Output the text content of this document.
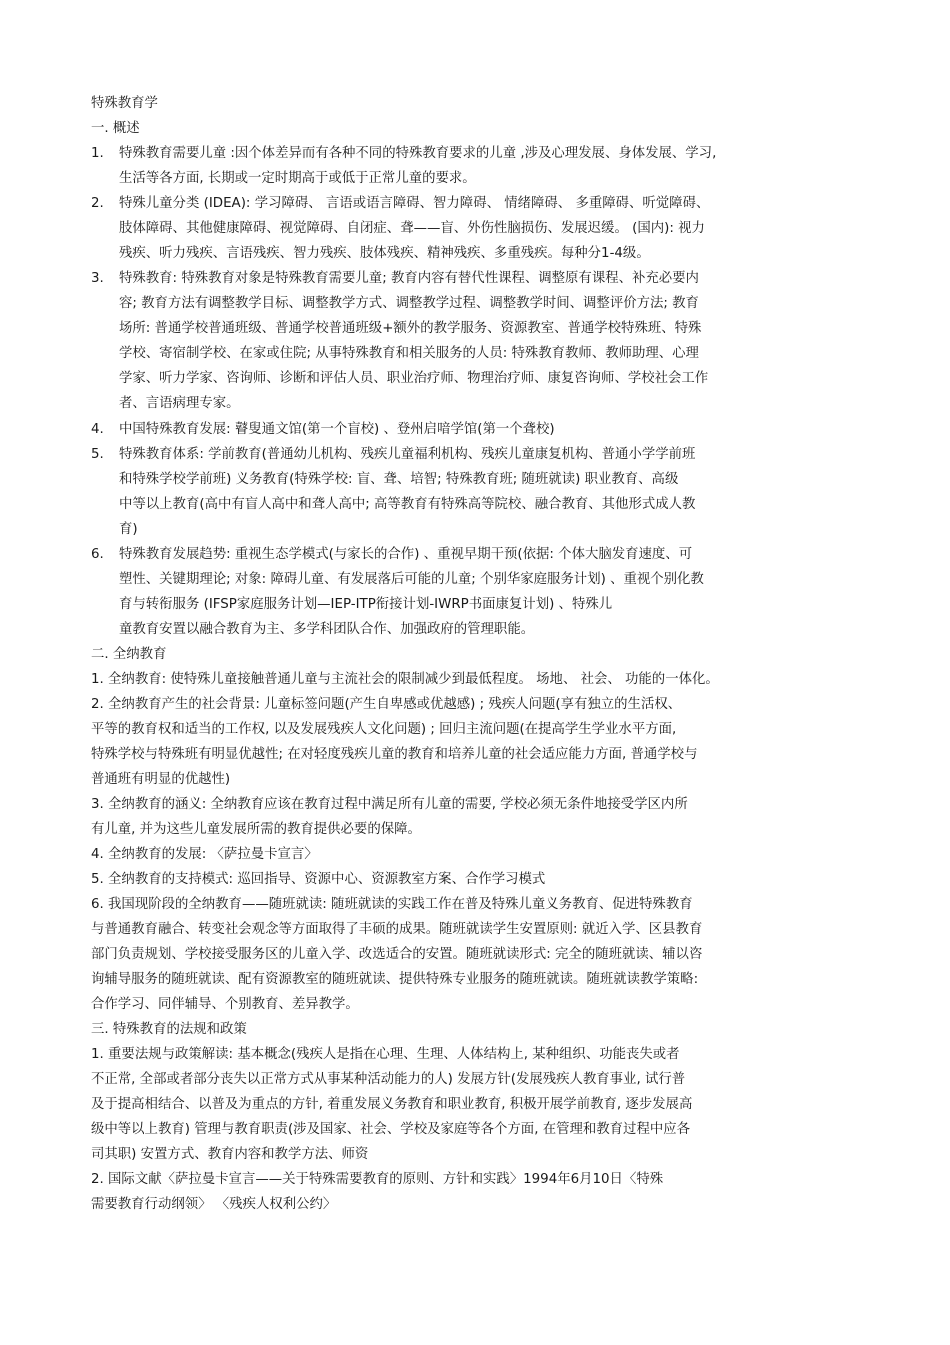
特殊教育学
一. 概述
1. 特殊教育需要儿童 :因个体差异而有各种不同的特殊教育要求的儿童 ,涉及心理发展、身体发展、学习,
生活等各方面, 长期或一定时期高于或低于正常儿童的要求。
2. 特殊儿童分类 (IDEA): 学习障碍、 言语或语言障碍、智力障碍、 情绪障碍、 多重障碍、听觉障碍、
肢体障碍、其他健康障碍、视觉障碍、自闭症、聋——盲、外伤性脑损伤、发展迟缓。 (国内): 视力
残疾、听力残疾、言语残疾、智力残疾、肢体残疾、精神残疾、多重残疾。每种分1-4级。
3. 特殊教育: 特殊教育对象是特殊教育需要儿童; 教育内容有替代性课程、调整原有课程、补充必要内
容; 教育方法有调整教学目标、调整教学方式、调整教学过程、调整教学时间、调整评价方法; 教育
场所: 普通学校普通班级、普通学校普通班级+额外的教学服务、资源教室、普通学校特殊班、特殊
学校、寄宿制学校、在家或住院; 从事特殊教育和相关服务的人员: 特殊教育教师、教师助理、心理
学家、听力学家、咨询师、诊断和评估人员、职业治疗师、物理治疗师、康复咨询师、学校社会工作
者、言语病理专家。
4. 中国特殊教育发展: 瞽叟通文馆(第一个盲校) 、登州启喑学馆(第一个聋校)
5. 特殊教育体系: 学前教育(普通幼儿机构、残疾儿童福利机构、残疾儿童康复机构、普通小学学前班
和特殊学校学前班) 义务教育(特殊学校: 盲、聋、培智; 特殊教育班; 随班就读) 职业教育、高级
中等以上教育(高中有盲人高中和聋人高中; 高等教育有特殊高等院校、融合教育、其他形式成人教
育)
6. 特殊教育发展趋势: 重视生态学模式(与家长的合作) 、重视早期干预(依据: 个体大脑发育速度、可
塑性、关键期理论; 对象: 障碍儿童、有发展落后可能的儿童; 个别华家庭服务计划) 、重视个别化教
育与转衔服务 (IFSP家庭服务计划—IEP-ITP衔接计划-IWRP书面康复计划) 、特殊儿
童教育安置以融合教育为主、多学科团队合作、加强政府的管理职能。
二. 全纳教育
1. 全纳教育: 使特殊儿童接触普通儿童与主流社会的限制减少到最低程度。 场地、 社会、 功能的一体化。
2. 全纳教育产生的社会背景: 儿童标签问题(产生自卑感或优越感) ; 残疾人问题(享有独立的生活权、
平等的教育权和适当的工作权, 以及发展残疾人文化问题) ; 回归主流问题(在提高学生学业水平方面,
特殊学校与特殊班有明显优越性; 在对轻度残疾儿童的教育和培养儿童的社会适应能力方面, 普通学校与
普通班有明显的优越性)
3. 全纳教育的涵义: 全纳教育应该在教育过程中满足所有儿童的需要, 学校必须无条件地接受学区内所
有儿童, 并为这些儿童发展所需的教育提供必要的保障。
4. 全纳教育的发展: 〈萨拉曼卡宣言〉
5. 全纳教育的支持模式: 巡回指导、资源中心、资源教室方案、合作学习模式
6. 我国现阶段的全纳教育——随班就读: 随班就读的实践工作在普及特殊儿童义务教育、促进特殊教育
与普通教育融合、转变社会观念等方面取得了丰硕的成果。随班就读学生安置原则: 就近入学、区县教育
部门负责规划、学校接受服务区的儿童入学、改选适合的安置。随班就读形式: 完全的随班就读、辅以咨
询辅导服务的随班就读、配有资源教室的随班就读、提供特殊专业服务的随班就读。随班就读教学策略:
合作学习、同伴辅导、个别教育、差异教学。
三. 特殊教育的法规和政策
1. 重要法规与政策解读: 基本概念(残疾人是指在心理、生理、人体结构上, 某种组织、功能丧失或者
不正常, 全部或者部分丧失以正常方式从事某种活动能力的人) 发展方针(发展残疾人教育事业, 试行普
及于提高相结合、以普及为重点的方针, 着重发展义务教育和职业教育, 积极开展学前教育, 逐步发展高
级中等以上教育) 管理与教育职责(涉及国家、社会、学校及家庭等各个方面, 在管理和教育过程中应各
司其职) 安置方式、教育内容和教学方法、师资
2. 国际文献〈萨拉曼卡宣言——关于特殊需要教育的原则、方针和实践〉1994年6月10日〈特殊
需要教育行动纲领〉 〈残疾人权利公约〉
